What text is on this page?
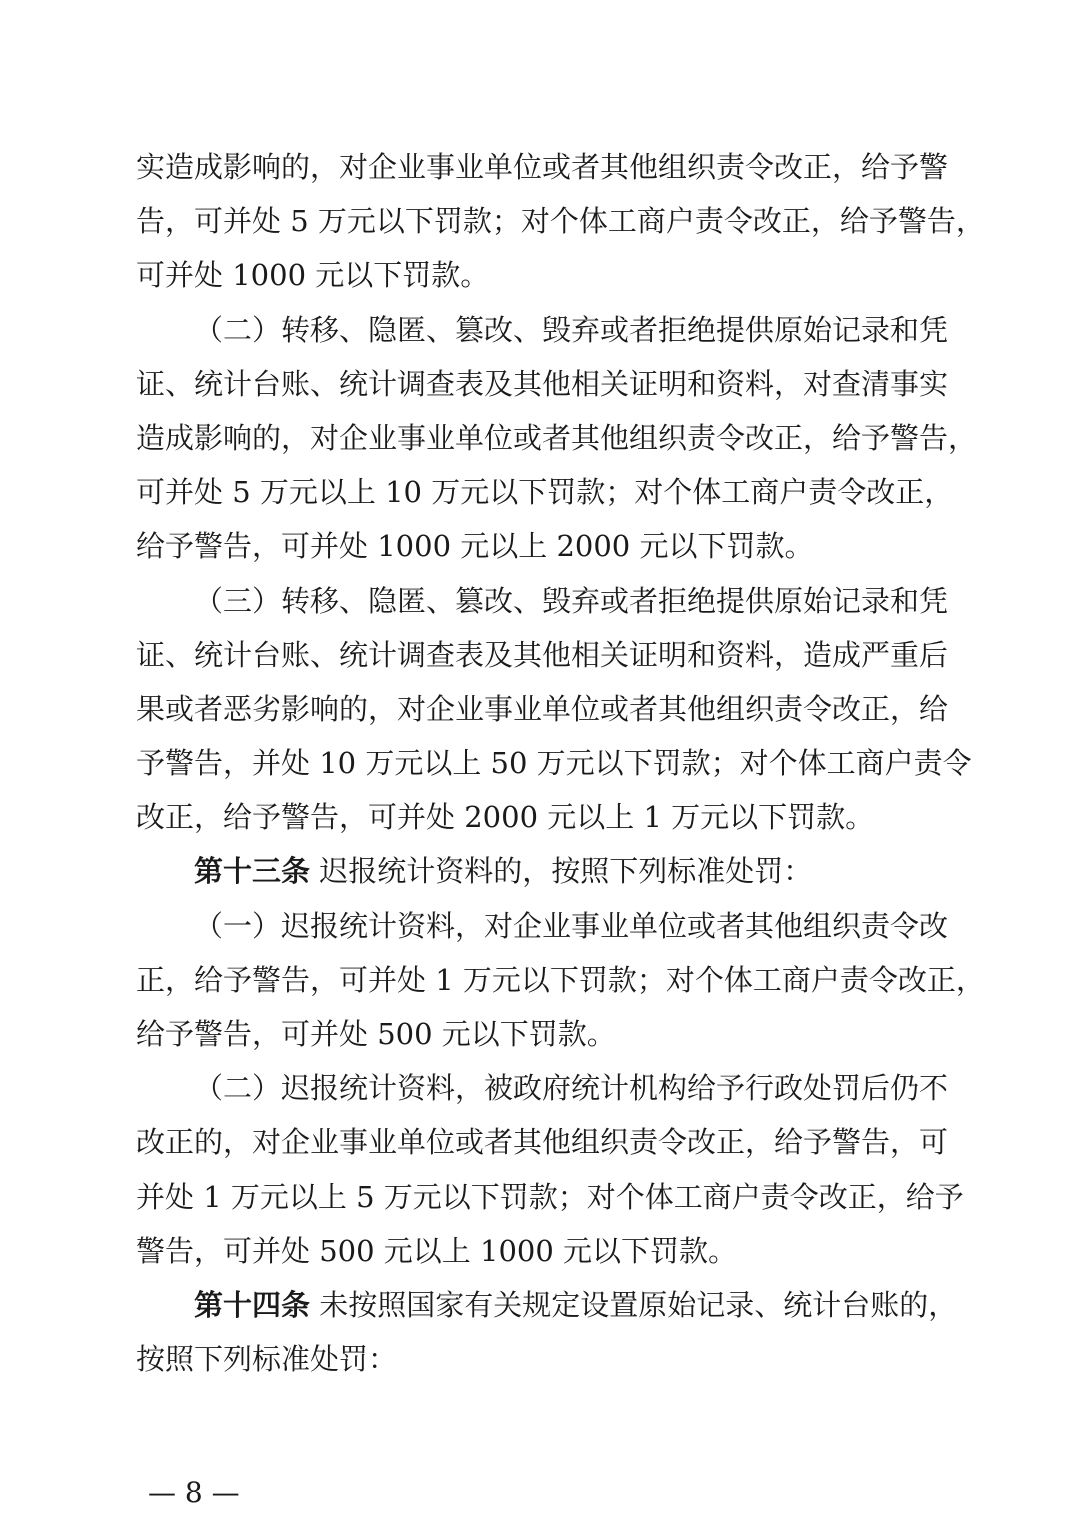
实造成影响的，对企业事业单位或者其他组织责令改正，给予警
告，可并处 5 万元以下罚款；对个体工商户责令改正，给予警告，
可并处 1000 元以下罚款。
（二）转移、隐匿、篡改、毁弃或者拒绝提供原始记录和凭
证、统计台账、统计调查表及其他相关证明和资料，对查清事实
造成影响的，对企业事业单位或者其他组织责令改正，给予警告，
可并处 5 万元以上 10 万元以下罚款；对个体工商户责令改正，
给予警告，可并处 1000 元以上 2000 元以下罚款。
（三）转移、隐匿、篡改、毁弃或者拒绝提供原始记录和凭
证、统计台账、统计调查表及其他相关证明和资料，造成严重后
果或者恶劣影响的，对企业事业单位或者其他组织责令改正，给
予警告，并处 10 万元以上 50 万元以下罚款；对个体工商户责令
改正，给予警告，可并处 2000 元以上 1 万元以下罚款。
第十三条 迟报统计资料的，按照下列标准处罚：
（一）迟报统计资料，对企业事业单位或者其他组织责令改
正，给予警告，可并处 1 万元以下罚款；对个体工商户责令改正，
给予警告，可并处 500 元以下罚款。
（二）迟报统计资料，被政府统计机构给予行政处罚后仍不
改正的，对企业事业单位或者其他组织责令改正，给予警告，可
并处 1 万元以上 5 万元以下罚款；对个体工商户责令改正，给予
警告，可并处 500 元以上 1000 元以下罚款。
第十四条 未按照国家有关规定设置原始记录、统计台账的，
按照下列标准处罚：
— 8 —
